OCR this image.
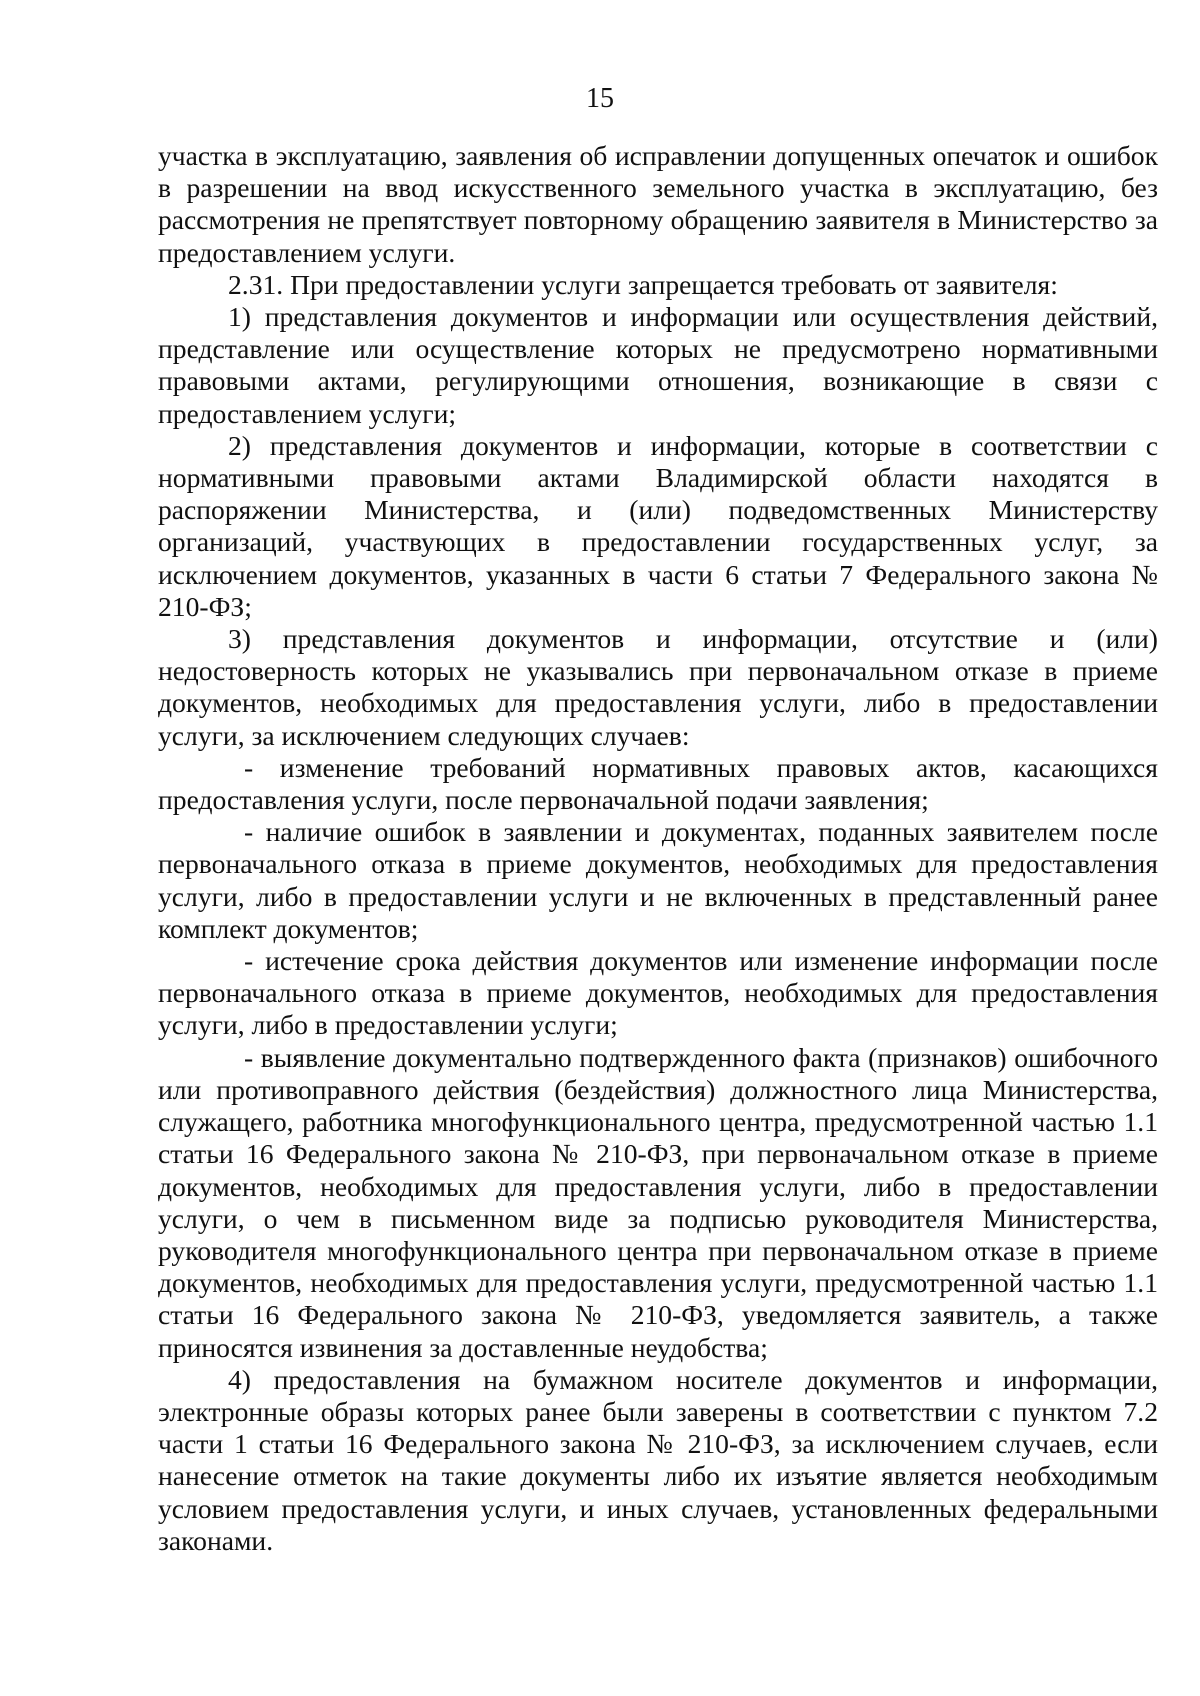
15

участка в эксплуатацию, заявления об исправлении допущенных опечаток и ошибок в разрешении на ввод искусственного земельного участка в эксплуатацию, без рассмотрения не препятствует повторному обращению заявителя в Министерство за предоставлением услуги.

2.31. При предоставлении услуги запрещается требовать от заявителя:

1) представления документов и информации или осуществления действий, представление или осуществление которых не предусмотрено нормативными правовыми актами, регулирующими отношения, возникающие в связи с предоставлением услуги;

2) представления документов и информации, которые в соответствии с нормативными правовыми актами Владимирской области находятся в распоряжении Министерства, и (или) подведомственных Министерству организаций, участвующих в предоставлении государственных услуг, за исключением документов, указанных в части 6 статьи 7 Федерального закона № 210-ФЗ;

3) представления документов и информации, отсутствие и (или) недостоверность которых не указывались при первоначальном отказе в приеме документов, необходимых для предоставления услуги, либо в предоставлении услуги, за исключением следующих случаев:

- изменение требований нормативных правовых актов, касающихся предоставления услуги, после первоначальной подачи заявления;

- наличие ошибок в заявлении и документах, поданных заявителем после первоначального отказа в приеме документов, необходимых для предоставления услуги, либо в предоставлении услуги и не включенных в представленный ранее комплект документов;

- истечение срока действия документов или изменение информации после первоначального отказа в приеме документов, необходимых для предоставления услуги, либо в предоставлении услуги;

- выявление документально подтвержденного факта (признаков) ошибочного или противоправного действия (бездействия) должностного лица Министерства, служащего, работника многофункционального центра, предусмотренной частью 1.1 статьи 16 Федерального закона № 210-ФЗ, при первоначальном отказе в приеме документов, необходимых для предоставления услуги, либо в предоставлении услуги, о чем в письменном виде за подписью руководителя Министерства, руководителя многофункционального центра при первоначальном отказе в приеме документов, необходимых для предоставления услуги, предусмотренной частью 1.1 статьи 16 Федерального закона № 210-ФЗ, уведомляется заявитель, а также приносятся извинения за доставленные неудобства;

4) предоставления на бумажном носителе документов и информации, электронные образы которых ранее были заверены в соответствии с пунктом 7.2 части 1 статьи 16 Федерального закона № 210-ФЗ, за исключением случаев, если нанесение отметок на такие документы либо их изъятие является необходимым условием предоставления услуги, и иных случаев, установленных федеральными законами.
